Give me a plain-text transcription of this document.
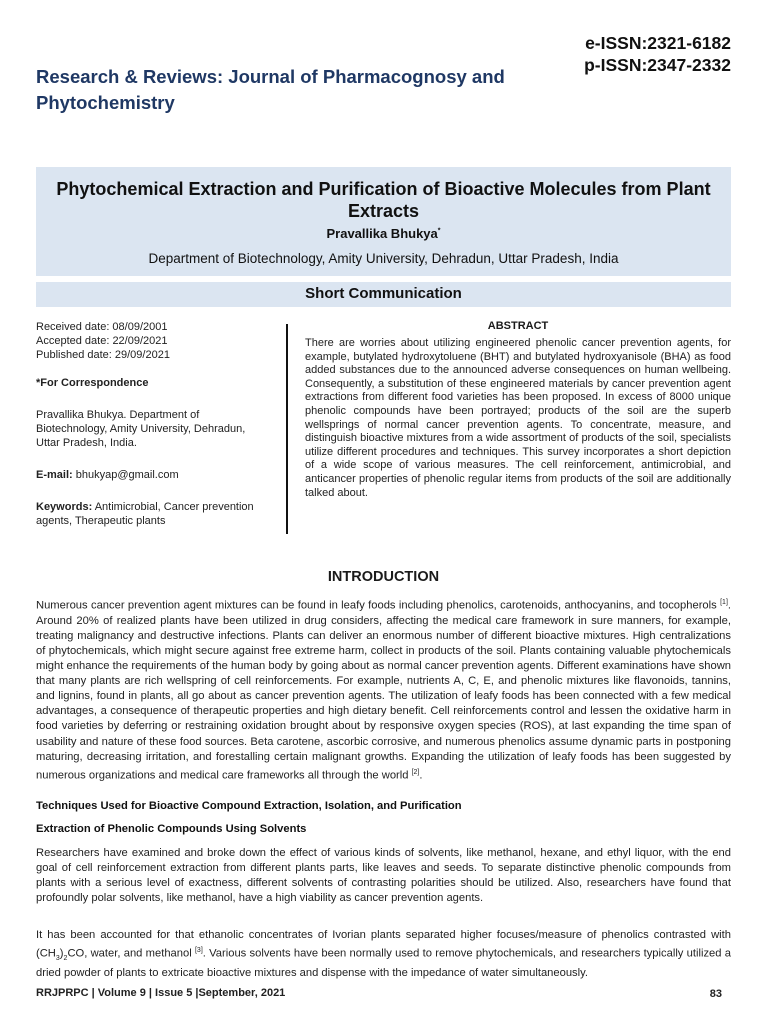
Research & Reviews: Journal of Pharmacognosy and Phytochemistry
e-ISSN:2321-6182
p-ISSN:2347-2332
Phytochemical Extraction and Purification of Bioactive Molecules from Plant Extracts
Pravallika Bhukya*
Department of Biotechnology, Amity University, Dehradun, Uttar Pradesh, India
Short Communication

Received date: 08/09/2001

Accepted date: 22/09/2021

Published date: 29/09/2021

*For Correspondence

Pravallika Bhukya. Department of Biotechnology, Amity University, Dehradun, Uttar Pradesh, India.

E-mail: bhukyap@gmail.com

Keywords: Antimicrobial, Cancer prevention agents, Therapeutic plants

ABSTRACT
There are worries about utilizing engineered phenolic cancer prevention agents, for example, butylated hydroxytoluene (BHT) and butylated hydroxyanisole (BHA) as food added substances due to the announced adverse consequences on human wellbeing. Consequently, a substitution of these engineered materials by cancer prevention agent extractions from different food varieties has been proposed. In excess of 8000 unique phenolic compounds have been portrayed; products of the soil are the superb wellsprings of normal cancer prevention agents. To concentrate, measure, and distinguish bioactive mixtures from a wide assortment of products of the soil, specialists utilize different procedures and techniques. This survey incorporates a short depiction of a wide scope of various measures. The cell reinforcement, antimicrobial, and anticancer properties of phenolic regular items from products of the soil are additionally talked about.
INTRODUCTION
Numerous cancer prevention agent mixtures can be found in leafy foods including phenolics, carotenoids, anthocyanins, and tocopherols [1]. Around 20% of realized plants have been utilized in drug considers, affecting the medical care framework in sure manners, for example, treating malignancy and destructive infections. Plants can deliver an enormous number of different bioactive mixtures. High centralizations of phytochemicals, which might secure against free extreme harm, collect in products of the soil. Plants containing valuable phytochemicals might enhance the requirements of the human body by going about as normal cancer prevention agents. Different examinations have shown that many plants are rich wellspring of cell reinforcements. For example, nutrients A, C, E, and phenolic mixtures like flavonoids, tannins, and lignins, found in plants, all go about as cancer prevention agents. The utilization of leafy foods has been connected with a few medical advantages, a consequence of therapeutic properties and high dietary benefit. Cell reinforcements control and lessen the oxidative harm in food varieties by deferring or restraining oxidation brought about by responsive oxygen species (ROS), at last expanding the time span of usability and nature of these food sources. Beta carotene, ascorbic corrosive, and numerous phenolics assume dynamic parts in postponing maturing, decreasing irritation, and forestalling certain malignant growths. Expanding the utilization of leafy foods has been suggested by numerous organizations and medical care frameworks all through the world [2].
Techniques Used for Bioactive Compound Extraction, Isolation, and Purification
Extraction of Phenolic Compounds Using Solvents
Researchers have examined and broke down the effect of various kinds of solvents, like methanol, hexane, and ethyl liquor, with the end goal of cell reinforcement extraction from different plants parts, like leaves and seeds. To separate distinctive phenolic compounds from plants with a serious level of exactness, different solvents of contrasting polarities should be utilized. Also, researchers have found that profoundly polar solvents, like methanol, have a high viability as cancer prevention agents.
It has been accounted for that ethanolic concentrates of Ivorian plants separated higher focuses/measure of phenolics contrasted with $(CH_3)_2CO$, water, and methanol [3]. Various solvents have been normally used to remove phytochemicals, and researchers typically utilized a dried powder of plants to extricate bioactive mixtures and dispense with the impedance of water simultaneously.
RRJPRPC | Volume 9 | Issue 5 |September, 2021	83
